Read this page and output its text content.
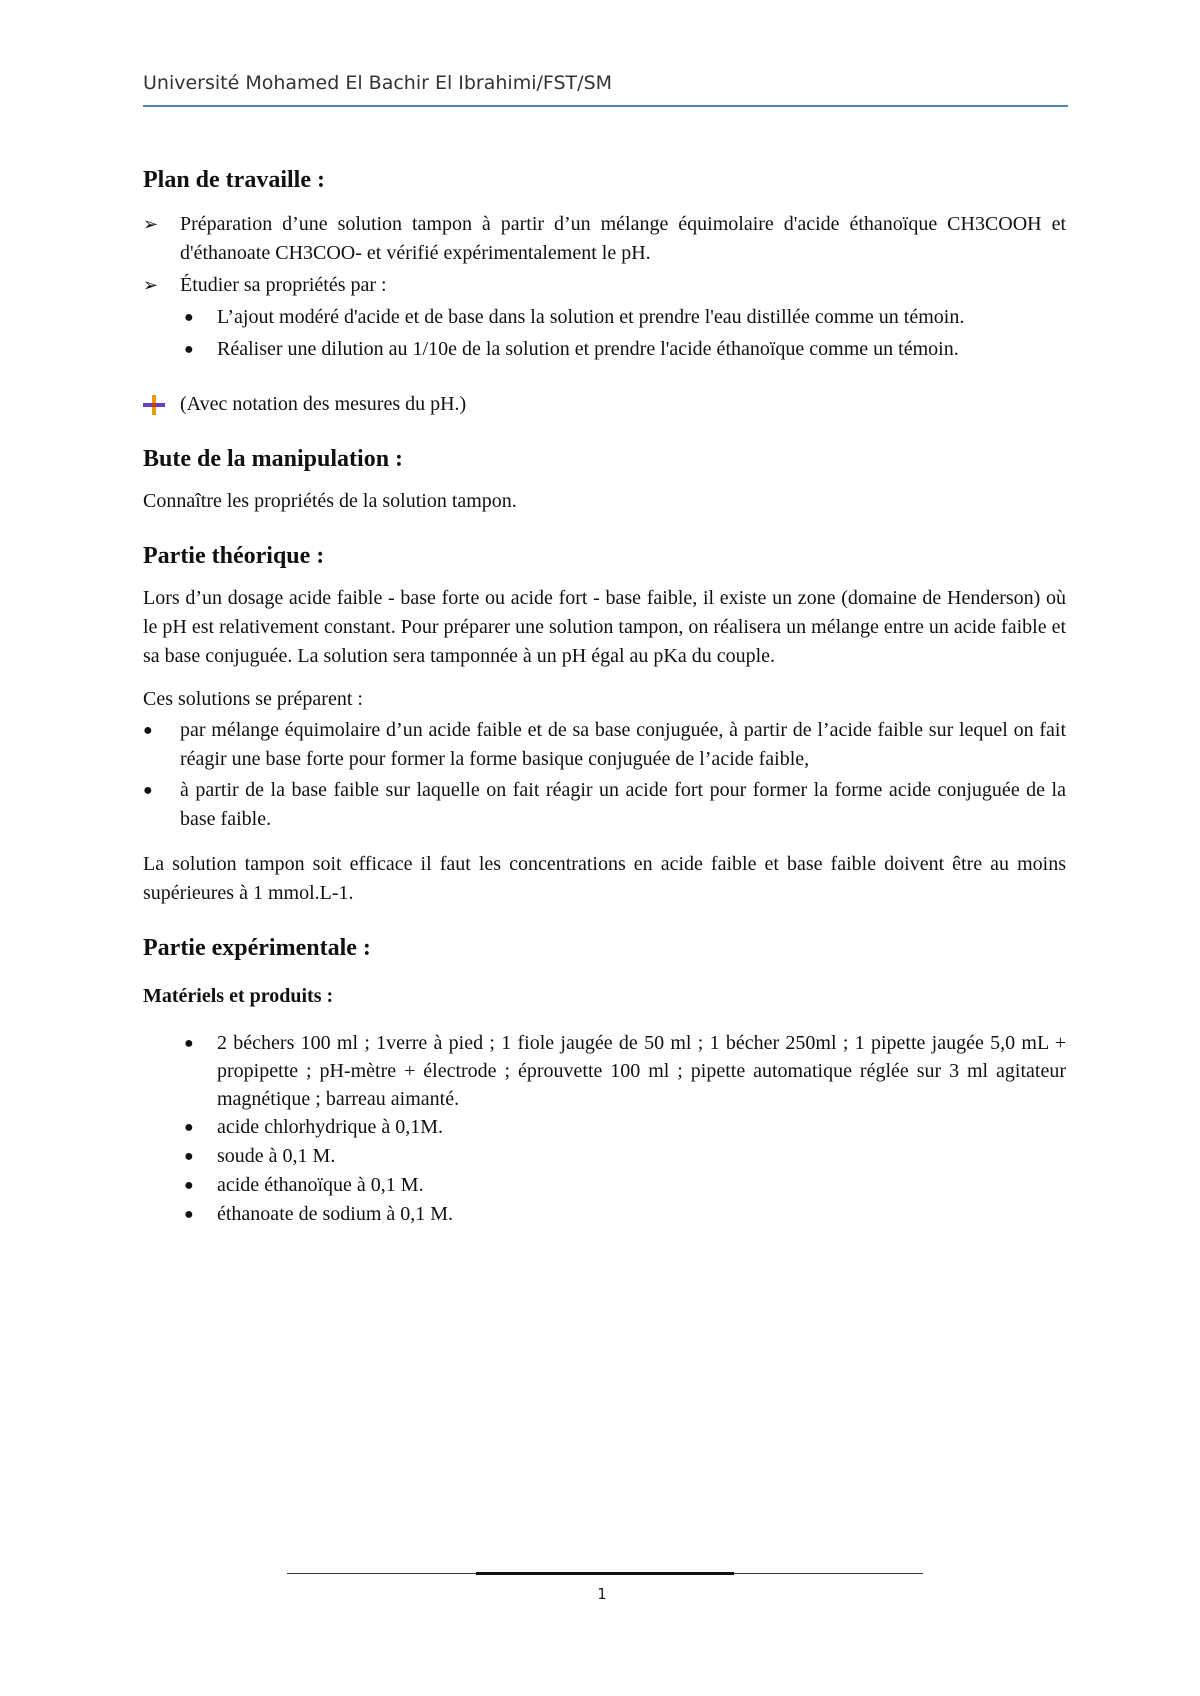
Université Mohamed El Bachir El Ibrahimi/FST/SM
Plan de travaille :
➢	Préparation d’une solution tampon à partir d’un mélange équimolaire d'acide éthanoïque CH3COOH et d'éthanoate CH3COO- et vérifié expérimentalement le pH.
➢	Étudier sa propriétés par :
●	L’ajout modéré d'acide et de base dans la solution et prendre l'eau distillée comme un témoin.
●	Réaliser une dilution au 1/10e de la solution et prendre l'acide éthanoïque comme un témoin.
(Avec notation des mesures du pH.)
Bute de la manipulation :

Connaître les propriétés de la solution tampon.

Partie théorique :

Lors d’un dosage acide faible - base forte ou acide fort - base faible, il existe un zone (domaine de Henderson) où le pH est relativement constant. Pour préparer une solution tampon, on réalisera un mélange entre un acide faible et sa base conjuguée. La solution sera tamponnée à un pH égal au pKa du couple.

Ces solutions se préparent :

●	par mélange équimolaire d’un acide faible et de sa base conjuguée, à partir de l’acide faible sur lequel on fait réagir une base forte pour former la forme basique conjuguée de l’acide faible,
●	à partir de la base faible sur laquelle on fait réagir un acide fort pour former la forme acide conjuguée de la base faible.

La solution tampon soit efficace il faut les concentrations en acide faible et base faible doivent être au moins supérieures à 1 mmol.L-1.

Partie expérimentale :
Matériels et produits :
●	2 béchers 100 ml ; 1verre à pied ; 1 fiole jaugée de 50 ml ; 1 bécher 250ml ; 1 pipette jaugée 5,0 mL + propipette ; pH-mètre + électrode ; éprouvette 100 ml ; pipette automatique réglée sur 3 ml agitateur magnétique ; barreau aimanté.
●	acide chlorhydrique à 0,1M.
●	soude à 0,1 M.
●	acide éthanoïque à 0,1 M.
●	éthanoate de sodium à 0,1 M.
1
